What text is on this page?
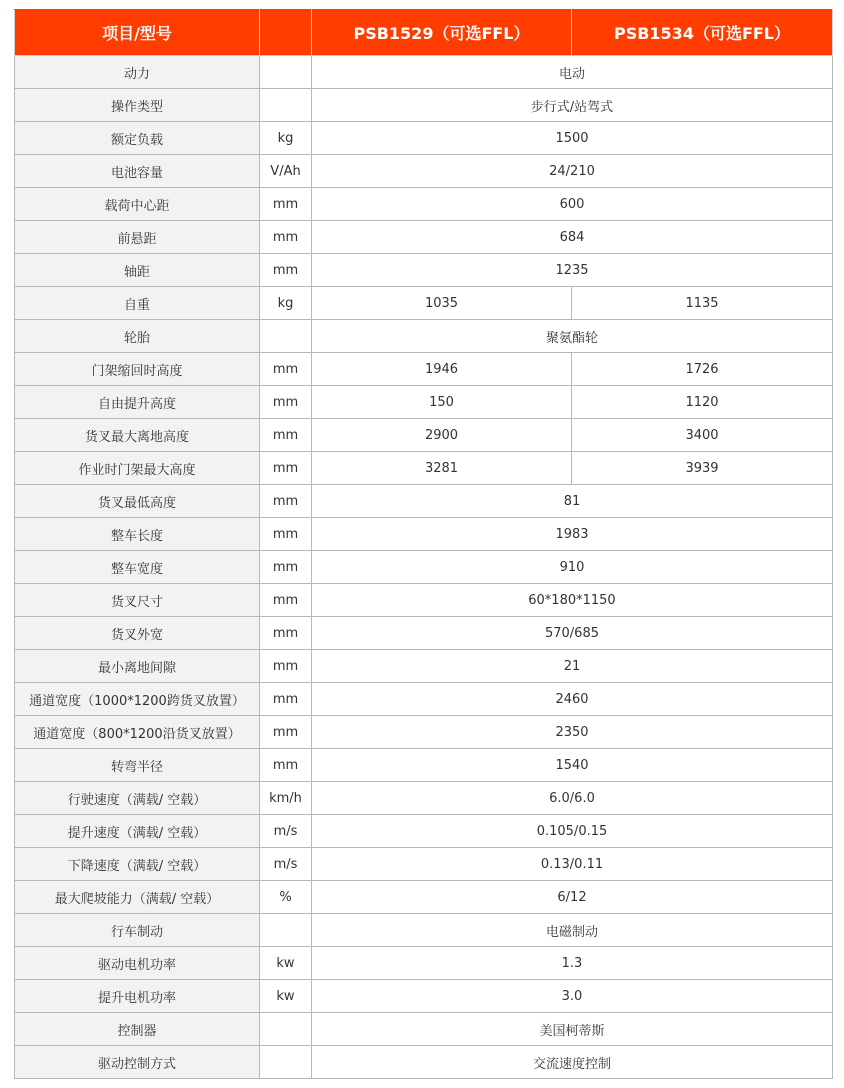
项目/型号		PSB1529（可选FFL）	PSB1534（可选FFL）
动力		电动	
操作类型		步行式/站驾式	
额定负载	kg	1500	
电池容量	V/Ah	24/210	
载荷中心距	mm	600	
前悬距	mm	684	
轴距	mm	1235	
自重	kg	1035	1135
轮胎		聚氨酯轮	
门架缩回时高度	mm	1946	1726
自由提升高度	mm	150	1120
货叉最大离地高度	mm	2900	3400
作业时门架最大高度	mm	3281	3939
货叉最低高度	mm	81	
整车长度	mm	1983	
整车宽度	mm	910	
货叉尺寸	mm	60*180*1150	
货叉外宽	mm	570/685	
最小离地间隙	mm	21	
通道宽度（1000*1200跨货叉放置）	mm	2460	
通道宽度（800*1200沿货叉放置）	mm	2350	
转弯半径	mm	1540	
行驶速度（满载/ 空载）	km/h	6.0/6.0	
提升速度（满载/ 空载）	m/s	0.105/0.15	
下降速度（满载/ 空载）	m/s	0.13/0.11	
最大爬坡能力（满载/ 空载）	%	6/12	
行车制动		电磁制动	
驱动电机功率	kw	1.3	
提升电机功率	kw	3.0	
控制器		美国柯蒂斯	
驱动控制方式		交流速度控制	
